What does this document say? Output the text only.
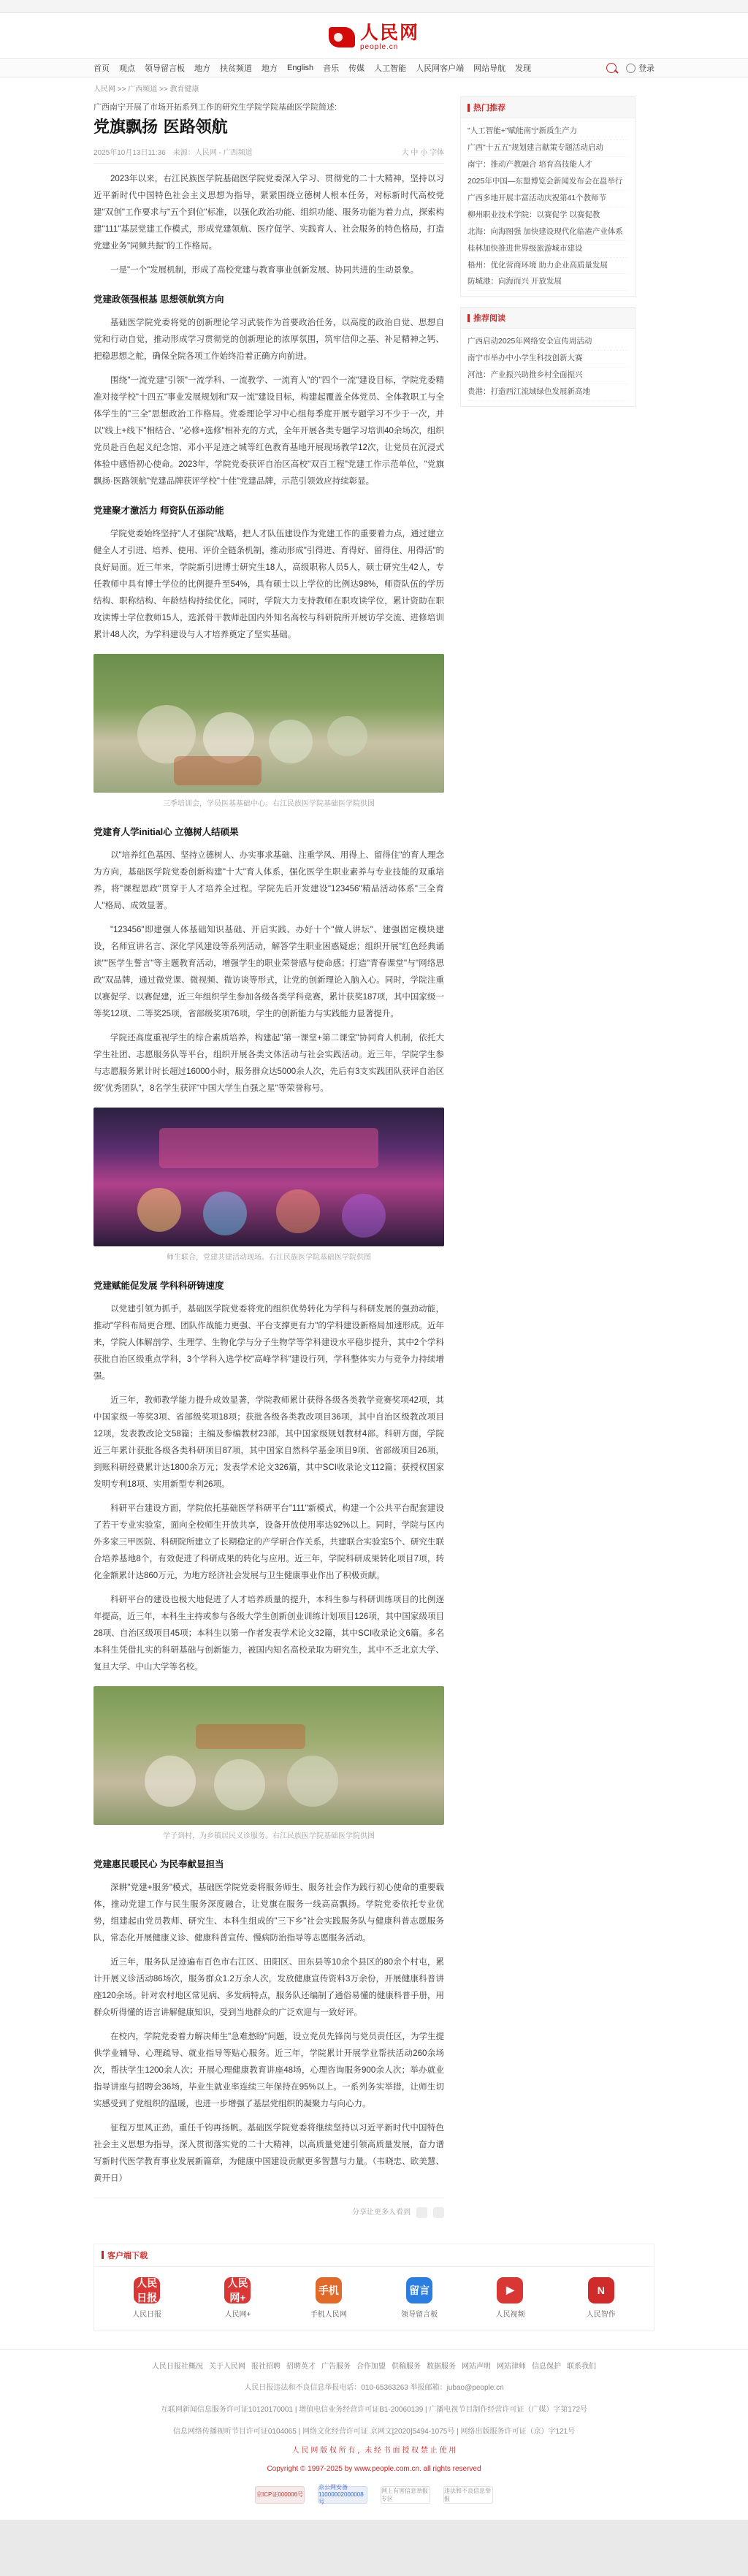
人民网
people.cn
首页 观点 领导留言板 地方 扶贫频道 地方 English 音乐 传媒 人工智能 人民网客户端 网站导航 发现	登录
人民网 >> 广西频道 >> 教育健康
广西南宁开展了市场开拓系列工作的研究生学院学院基础医学院简述:
党旗飘扬 医路领航
2025年10月13日11:36 来源：人民网 - 广西频道	大 中 小 字体

2023年以来，右江民族医学院基础医学院党委深入学习、贯彻党的二十大精神，坚持以习近平新时代中国特色社会主义思想为指导，紧紧围绕立德树人根本任务，对标新时代高校党建"双创"工作要求与"五个到位"标准，以强化政治功能、组织功能、服务功能为着力点，探索构建"111"基层党建工作模式，形成党建领航、医疗促学、实践育人、社会服务的特色格局，打造党建业务"同频共振"的工作格局。

一是"一个"发展机制，形成了高校党建与教育事业创新发展、协同共进的生动景象。

党建政领强根基 思想领航筑方向

基础医学院党委将党的创新理论学习武装作为首要政治任务，以高度的政治自觉、思想自觉和行动自觉，推动形成学习贯彻党的创新理论的浓厚氛围，筑牢信仰之基、补足精神之钙、把稳思想之舵，确保全院各项工作始终沿着正确方向前进。

围绕"一流党建"引领"一流学科、一流教学、一流育人"的"四个一流"建设目标，学院党委精准对接学校"十四五"事业发展规划和"双一流"建设目标，构建起覆盖全体党员、全体教职工与全体学生的"三全"思想政治工作格局。党委理论学习中心组每季度开展专题学习不少于一次，并以"线上+线下"相结合、"必修+选修"相补充的方式，全年开展各类专题学习培训40余场次，组织党员赴百色起义纪念馆、邓小平足迹之城等红色教育基地开展现场教学12次，让党员在沉浸式体验中感悟初心使命。2023年，学院党委获评自治区高校"双百工程"党建工作示范单位，"党旗飘扬·医路领航"党建品牌获评学校"十佳"党建品牌，示范引领效应持续彰显。

党建聚才激活力 师资队伍添动能

学院党委始终坚持"人才强院"战略，把人才队伍建设作为党建工作的重要着力点，通过建立健全人才引进、培养、使用、评价全链条机制，推动形成"引得进、育得好、留得住、用得活"的良好局面。近三年来，学院新引进博士研究生18人，高级职称人员5人，硕士研究生42人，专任教师中具有博士学位的比例提升至54%，具有硕士以上学位的比例达98%，师资队伍的学历结构、职称结构、年龄结构持续优化。同时，学院大力支持教师在职攻读学位，累计资助在职攻读博士学位教师15人，选派骨干教师赴国内外知名高校与科研院所开展访学交流、进修培训累计48人次，为学科建设与人才培养奠定了坚实基础。

三季培训会，学员医基基础中心。右江民族医学院基础医学院供图
党建育人学initial心 立德树人结硕果

以"培养红色基因、坚持立德树人、办实事求基础、注重学风、用得上、留得住"的育人理念为方向，基础医学院党委创新构建"十大"育人体系，强化医学生职业素养与专业技能的双重培养，将"课程思政"贯穿于人才培养全过程。学院先后开发建设"123456"精品活动体系"三全育人"格局、成效显著。

"123456"即建强人体基础知识基础、开启实践、办好十个"做人讲坛"、建强固定模块建设，名师宣讲名言、深化学风建设等系列活动，解答学生职业困惑疑虑；组织开展"红色经典诵读""医学生誓言"等主题教育活动，增强学生的职业荣誉感与使命感；打造"青春课堂"与"网络思政"双品牌，通过微党课、微视频、微访谈等形式，让党的创新理论入脑入心。同时，学院注重以赛促学、以赛促建，近三年组织学生参加各级各类学科竞赛，累计获奖187项，其中国家级一等奖12项、二等奖25项，省部级奖项76项，学生的创新能力与实践能力显著提升。

学院还高度重视学生的综合素质培养，构建起"第一课堂+第二课堂"协同育人机制，依托大学生社团、志愿服务队等平台，组织开展各类文体活动与社会实践活动。近三年，学院学生参与志愿服务累计时长超过16000小时，服务群众达5000余人次，先后有3支实践团队获评自治区级"优秀团队"，8名学生获评"中国大学生自强之星"等荣誉称号。

师生联合，党建共建活动现场。右江民族医学院基础医学院供图
党建赋能促发展 学科科研铸速度

以党建引领为抓手，基础医学院党委将党的组织优势转化为学科与科研发展的强劲动能，推动"学科布局更合理、团队作战能力更强、平台支撑更有力"的学科建设新格局加速形成。近年来，学院人体解剖学、生理学、生物化学与分子生物学等学科建设水平稳步提升，其中2个学科获批自治区级重点学科，3个学科入选学校"高峰学科"建设行列，学科整体实力与竞争力持续增强。

近三年，教师教学能力提升成效显著，学院教师累计获得各级各类教学竞赛奖项42项，其中国家级一等奖3项、省部级奖项18项；获批各级各类教改项目36项，其中自治区级教改项目12项，发表教改论文58篇；主编及参编教材23部，其中国家级规划教材4部。科研方面，学院近三年累计获批各级各类科研项目87项，其中国家自然科学基金项目9项、省部级项目26项，到账科研经费累计达1800余万元；发表学术论文326篇，其中SCI收录论文112篇；获授权国家发明专利18项、实用新型专利26项。

科研平台建设方面，学院依托基础医学科研平台"111"新模式，构建一个公共平台配套建设了若干专业实验室，面向全校师生开放共享，设备开放使用率达92%以上。同时，学院与区内外多家三甲医院、科研院所建立了长期稳定的产学研合作关系，共建联合实验室5个、研究生联合培养基地8个，有效促进了科研成果的转化与应用。近三年，学院科研成果转化项目7项，转化金额累计达860万元，为地方经济社会发展与卫生健康事业作出了积极贡献。

科研平台的建设也极大地促进了人才培养质量的提升，本科生参与科研训练项目的比例逐年提高，近三年，本科生主持或参与各级大学生创新创业训练计划项目126项，其中国家级项目28项、自治区级项目45项；本科生以第一作者发表学术论文32篇，其中SCI收录论文6篇。多名本科生凭借扎实的科研基础与创新能力，被国内知名高校录取为研究生，其中不乏北京大学、复旦大学、中山大学等名校。

学子到村，为乡镇居民义诊服务。右江民族医学院基础医学院供图
党建惠民暖民心 为民奉献显担当

深耕"党建+服务"模式，基础医学院党委将服务师生、服务社会作为践行初心使命的重要载体，推动党建工作与民生服务深度融合，让党旗在服务一线高高飘扬。学院党委依托专业优势，组建起由党员教师、研究生、本科生组成的"三下乡"社会实践服务队与健康科普志愿服务队，常态化开展健康义诊、健康科普宣传、慢病防治指导等志愿服务活动。

近三年，服务队足迹遍布百色市右江区、田阳区、田东县等10余个县区的80余个村屯，累计开展义诊活动86场次，服务群众1.2万余人次，发放健康宣传资料3万余份，开展健康科普讲座120余场。针对农村地区常见病、多发病特点，服务队还编制了通俗易懂的健康科普手册，用群众听得懂的语言讲解健康知识，受到当地群众的广泛欢迎与一致好评。

在校内，学院党委着力解决师生"急难愁盼"问题，设立党员先锋岗与党员责任区，为学生提供学业辅导、心理疏导、就业指导等贴心服务。近三年，学院累计开展学业帮扶活动260余场次，帮扶学生1200余人次；开展心理健康教育讲座48场，心理咨询服务900余人次；举办就业指导讲座与招聘会36场，毕业生就业率连续三年保持在95%以上。一系列务实举措，让师生切实感受到了党组织的温暖，也进一步增强了基层党组织的凝聚力与向心力。

征程万里风正劲，重任千钧再扬帆。基础医学院党委将继续坚持以习近平新时代中国特色社会主义思想为指导，深入贯彻落实党的二十大精神，以高质量党建引领高质量发展，奋力谱写新时代医学教育事业发展新篇章，为健康中国建设贡献更多智慧与力量。（韦晓忠、欧美慧、黄开日）

分享让更多人看到
热门推荐
"人工智能+"赋能南宁新质生产力
广西"十五五"规划建言献策专题活动启动
南宁：推动产教融合 培育高技能人才
2025年中国—东盟博览会新闻发布会在邕举行
广西多地开展丰富活动庆祝第41个教师节
柳州职业技术学院：以赛促学 以赛促教
北海：向海图强 加快建设现代化临港产业体系
桂林加快推进世界级旅游城市建设
梧州：优化营商环境 助力企业高质量发展
防城港：向海而兴 开放发展
推荐阅读
广西启动2025年网络安全宣传周活动
南宁市举办中小学生科技创新大赛
河池：产业振兴助推乡村全面振兴
贵港：打造西江流域绿色发展新高地
客户端下载
人民日报
人民日报
人民网+
人民网+
手机
手机人民网
留言
领导留言板
▶
人民视频
N
人民智作
人民日报社概况 关于人民网 报社招聘 招聘英才 广告服务 合作加盟 供稿服务 数据服务 网站声明 网站律师 信息保护 联系我们
人民日报违法和不良信息举报电话：010-65363263 举报邮箱：jubao@people.cn
互联网新闻信息服务许可证10120170001 | 增值电信业务经营许可证B1-20060139 | 广播电视节目制作经营许可证（广媒）字第172号
信息网络传播视听节目许可证0104065 | 网络文化经营许可证 京网文[2020]5494-1075号 | 网络出版服务许可证（京）字121号
人 民 网 版 权 所 有 ，未 经 书 面 授 权 禁 止 使 用
Copyright © 1997-2025 by www.people.com.cn. all rights reserved
京ICP证000006号
京公网安备11000002000008号
网上有害信息举报专区
违法和不良信息举报
